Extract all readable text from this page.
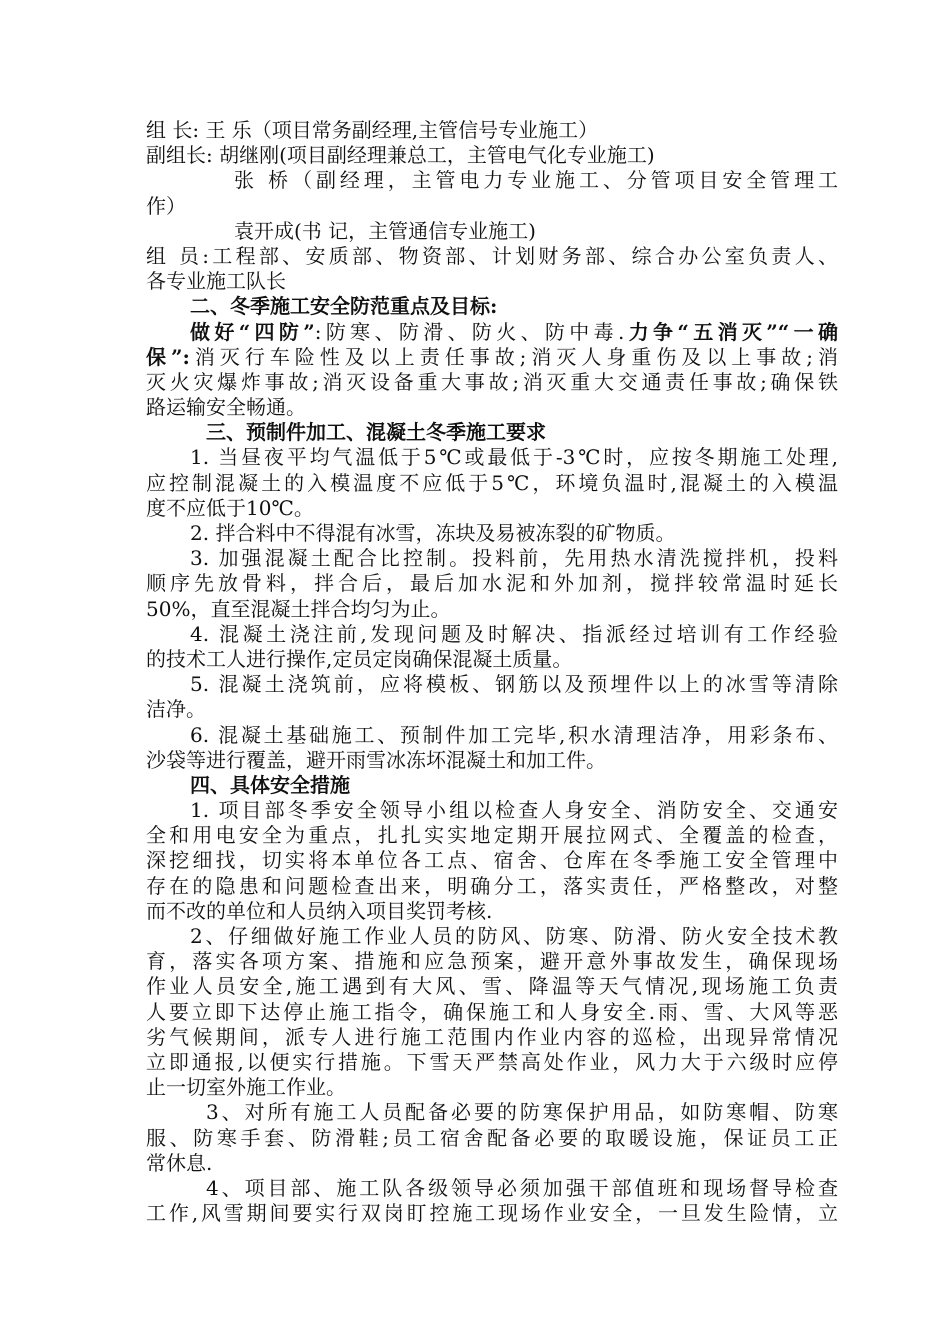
组 长: 王 乐（项目常务副经理,主管信号专业施工）
副组长: 胡继刚(项目副经理兼总工，主管电气化专业施工)
张 桥（副经理，主管电力专业施工、分管项目安全管理工
作）
袁开成(书 记，主管通信专业施工)
组 员:工程部、安质部、物资部、计划财务部、综合办公室负责人、
各专业施工队长
二、冬季施工安全防范重点及目标:
做好“四防”:防寒、防滑、防火、防中毒.力争“五消灭”“一确
保”:消灭行车险性及以上责任事故;消灭人身重伤及以上事故;消
灭火灾爆炸事故;消灭设备重大事故;消灭重大交通责任事故;确保铁
路运输安全畅通。
三、预制件加工、混凝土冬季施工要求
1. 当昼夜平均气温低于5℃或最低于-3℃时，应按冬期施工处理,
应控制混凝土的入模温度不应低于5℃，环境负温时,混凝土的入模温
度不应低于10℃。
2. 拌合料中不得混有冰雪，冻块及易被冻裂的矿物质。
3. 加强混凝土配合比控制。投料前，先用热水清洗搅拌机，投料
顺序先放骨料，拌合后，最后加水泥和外加剂，搅拌较常温时延长
50%，直至混凝土拌合均匀为止。
4. 混凝土浇注前,发现问题及时解决、指派经过培训有工作经验
的技术工人进行操作,定员定岗确保混凝土质量。
5. 混凝土浇筑前，应将模板、钢筋以及预埋件以上的冰雪等清除
洁净。
6. 混凝土基础施工、预制件加工完毕,积水清理洁净，用彩条布、
沙袋等进行覆盖，避开雨雪冰冻坏混凝土和加工件。
四、具体安全措施
1. 项目部冬季安全领导小组以检查人身安全、消防安全、交通安
全和用电安全为重点，扎扎实实地定期开展拉网式、全覆盖的检查，
深挖细找，切实将本单位各工点、宿舍、仓库在冬季施工安全管理中
存在的隐患和问题检查出来，明确分工，落实责任，严格整改，对整
而不改的单位和人员纳入项目奖罚考核.
2、仔细做好施工作业人员的防风、防寒、防滑、防火安全技术教
育，落实各项方案、措施和应急预案，避开意外事故发生，确保现场
作业人员安全,施工遇到有大风、雪、降温等天气情况,现场施工负责
人要立即下达停止施工指令，确保施工和人身安全.雨、雪、大风等恶
劣气候期间，派专人进行施工范围内作业内容的巡检，出现异常情况
立即通报,以便实行措施。下雪天严禁高处作业，风力大于六级时应停
止一切室外施工作业。
3、对所有施工人员配备必要的防寒保护用品，如防寒帽、防寒
服、防寒手套、防滑鞋;员工宿舍配备必要的取暖设施，保证员工正
常休息.
4、项目部、施工队各级领导必须加强干部值班和现场督导检查
工作,风雪期间要实行双岗盯控施工现场作业安全，一旦发生险情，立
